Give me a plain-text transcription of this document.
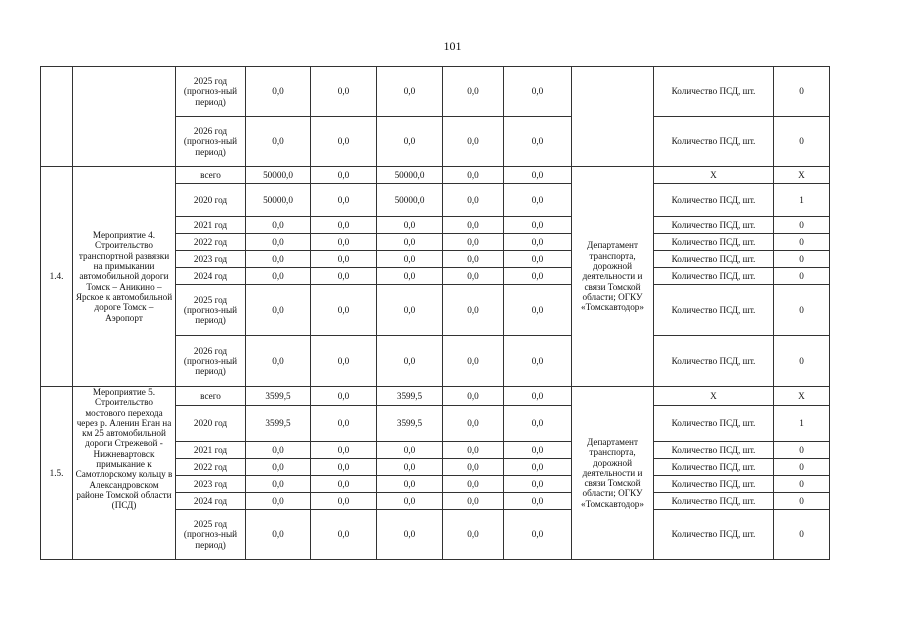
101
		2025 год (прогноз-ный период)	0,0	0,0	0,0	0,0	0,0		Количество ПСД, шт.	0
		2026 год (прогноз-ный период)	0,0	0,0	0,0	0,0	0,0		Количество ПСД, шт.	0
1.4.	Мероприятие 4. Строительство транспортной развязки на примыкании автомобильной дороги Томск – Аникино – Ярское к автомобильной дороге Томск – Аэропорт	всего	50000,0	0,0	50000,0	0,0	0,0	Департамент транспорта, дорожной деятельности и связи Томской области; ОГКУ «Томскавтодор»	Х	Х
		2020 год	50000,0	0,0	50000,0	0,0	0,0		Количество ПСД, шт.	1
		2021 год	0,0	0,0	0,0	0,0	0,0		Количество ПСД, шт.	0
		2022 год	0,0	0,0	0,0	0,0	0,0		Количество ПСД, шт.	0
		2023 год	0,0	0,0	0,0	0,0	0,0		Количество ПСД, шт.	0
		2024 год	0,0	0,0	0,0	0,0	0,0		Количество ПСД, шт.	0
		2025 год (прогноз-ный период)	0,0	0,0	0,0	0,0	0,0		Количество ПСД, шт.	0
		2026 год (прогноз-ный период)	0,0	0,0	0,0	0,0	0,0		Количество ПСД, шт.	0
1.5.	Мероприятие 5. Строительство мостового перехода через р. Аленин Еган на км 25 автомобильной дороги Стрежевой - Нижневартовск примыкание к Самотлорскому кольцу в Александровском районе Томской области (ПСД)	всего	3599,5	0,0	3599,5	0,0	0,0	Департамент транспорта, дорожной деятельности и связи Томской области; ОГКУ «Томскавтодор»	Х	Х
		2020 год	3599,5	0,0	3599,5	0,0	0,0		Количество ПСД, шт.	1
		2021 год	0,0	0,0	0,0	0,0	0,0		Количество ПСД, шт.	0
		2022 год	0,0	0,0	0,0	0,0	0,0		Количество ПСД, шт.	0
		2023 год	0,0	0,0	0,0	0,0	0,0		Количество ПСД, шт.	0
		2024 год	0,0	0,0	0,0	0,0	0,0		Количество ПСД, шт.	0
		2025 год (прогноз-ный период)	0,0	0,0	0,0	0,0	0,0		Количество ПСД, шт.	0
